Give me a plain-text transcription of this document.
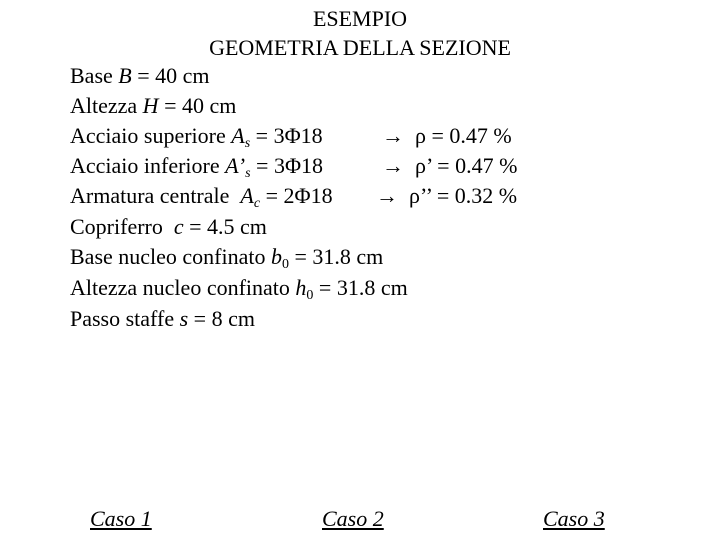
ESEMPIO
GEOMETRIA DELLA SEZIONE
Base B = 40 cm
Altezza H = 40 cm
Acciaio superiore $A_s = 3\Phi 18$	→ ρ = 0.47 %
Acciaio inferiore $A’_s = 3\Phi 18$	→ ρ’ = 0.47 %
Armatura centrale  $A_c = 2\Phi 18 \to \rho$’’ = 0.32 %
Copriferro  c = 4.5 cm
Base nucleo confinato $b_0 = 31.8$ cm
Altezza nucleo confinato $h_0 = 31.8$ cm
Passo staffe s = 8 cm
Caso 1	Caso 2	Caso 3
